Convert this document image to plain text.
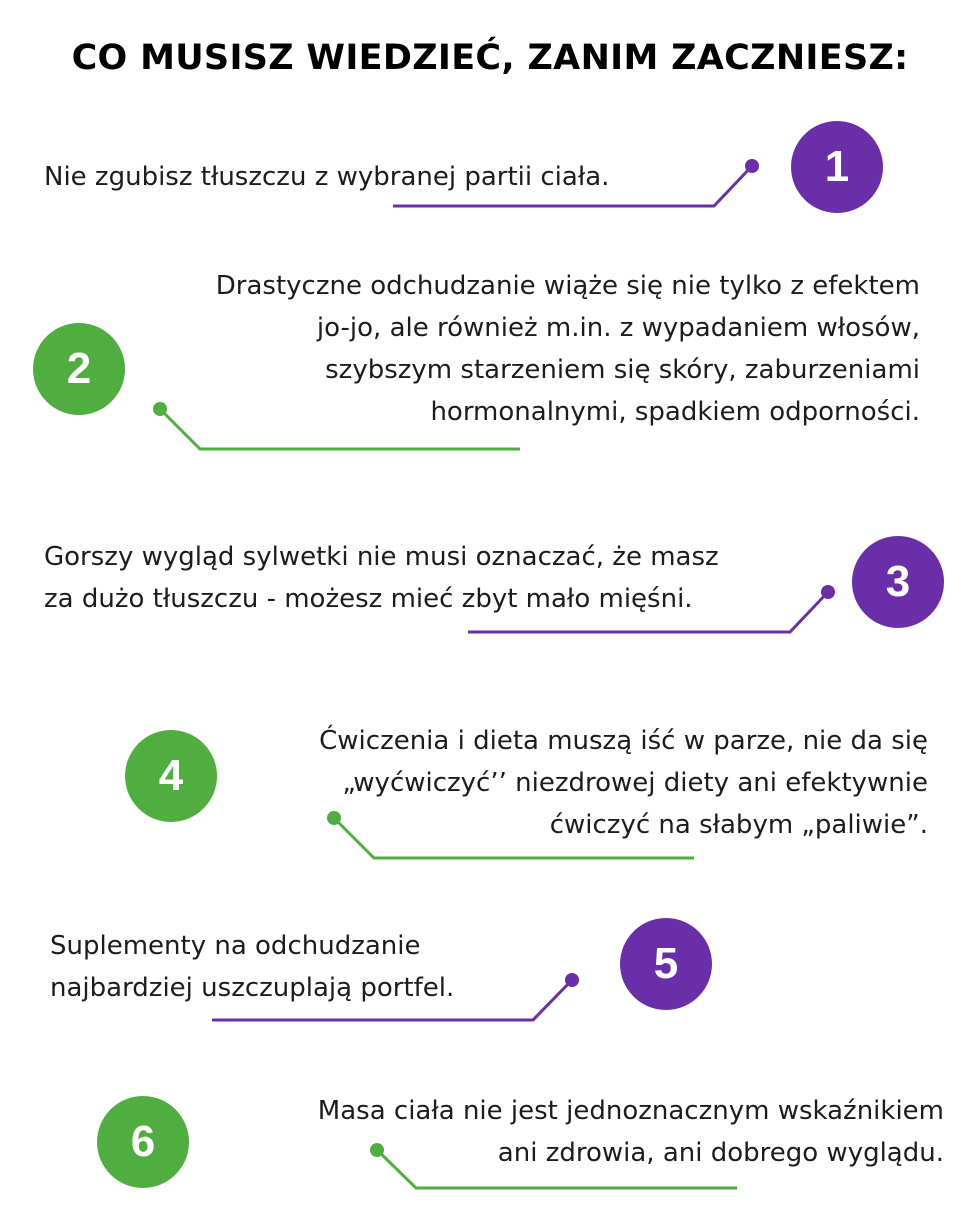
CO MUSISZ WIEDZIEĆ, ZANIM ZACZNIESZ:
1
Nie zgubisz tłuszczu z wybranej partii ciała.
2
Drastyczne odchudzanie wiąże się nie tylko z efektem
jo-jo, ale również m.in. z wypadaniem włosów,
szybszym starzeniem się skóry, zaburzeniami
hormonalnymi, spadkiem odporności.
3
Gorszy wygląd sylwetki nie musi oznaczać, że masz
za dużo tłuszczu - możesz mieć zbyt mało mięśni.
4
Ćwiczenia i dieta muszą iść w parze, nie da się
„wyćwiczyć’’ niezdrowej diety ani efektywnie
ćwiczyć na słabym „paliwie”.
5
Suplementy na odchudzanie
najbardziej uszczuplają portfel.
6
Masa ciała nie jest jednoznacznym wskaźnikiem
ani zdrowia, ani dobrego wyglądu.
